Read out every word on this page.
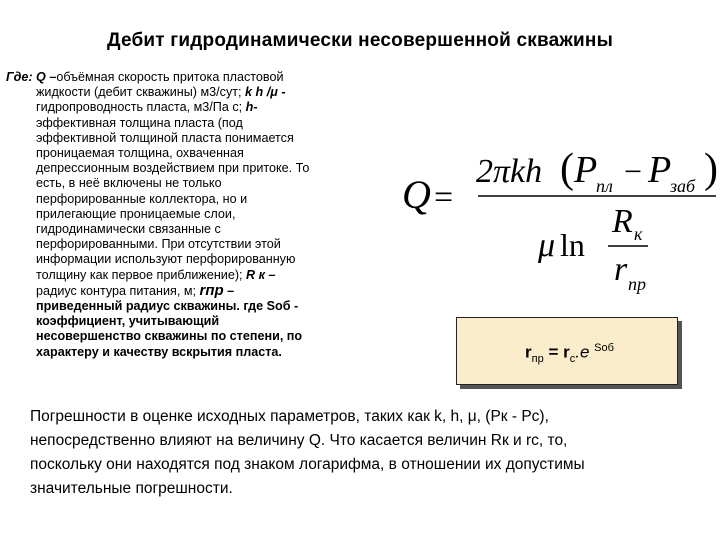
Дебит гидродинамически несовершенной скважины
Где: Q –объёмная скорость притока пластовой
жидкости (дебит скважины) м3/сут; k h /μ -
гидропроводность пласта, м3/Па с; h-
эффективная толщина пласта (под
эффективной толщиной пласта понимается
проницаемая толщина, охваченная
депрессионным воздействием при притоке. То
есть, в неё включены не только
перфорированные коллектора, но и
прилегающие проницаемые слои,
гидродинамически связанные с
перфорированными. При отсутствии этой
информации используют перфорированную
толщину как первое приближение); R к –
радиус контура питания, м; rпр –
приведенный радиус скважины. где Sоб -
коэффициент, учитывающий
несовершенство скважины по степени, по
характеру и качеству вскрытия пласта.
Q =
2πkh ( P
пл − P
заб )
μ ln
R к
r пр
$r_{пр} = r_с.e$ $^{Sоб}$
Погрешности в оценке исходных параметров, таких как k, h, μ, (Рк - Рс),
непосредственно влияют на величину Q. Что касается величин Rк и rс, то,
поскольку они находятся под знаком логарифма, в отношении их допустимы
значительные погрешности.
